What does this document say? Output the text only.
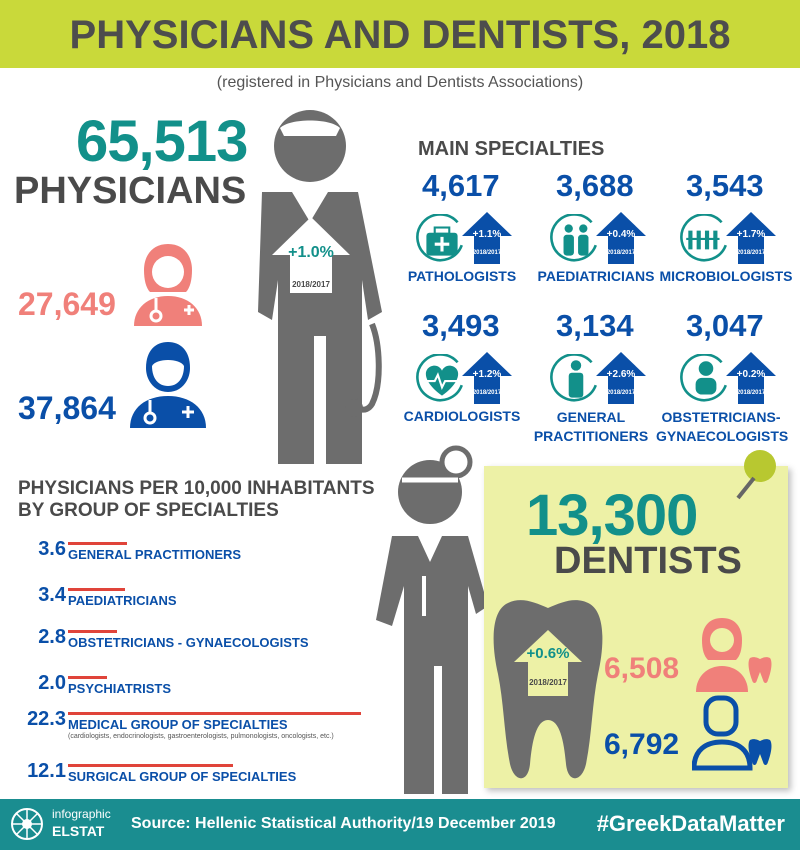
PHYSICIANS AND DENTISTS, 2018
(registered in Physicians and Dentists Associations)
65,513
PHYSICIANS
27,649
37,864
+1.0%
2018/2017
MAIN SPECIALTIES
4,617
+1.1%
2018/2017
PATHOLOGISTS
3,688
+0.4%
2018/2017
PAEDIATRICIANS
3,543
+1.7%
2018/2017
MICROBIOLOGISTS
3,493
+1.2%
2018/2017
CARDIOLOGISTS
3,134
+2.6%
2018/2017
GENERAL PRACTITIONERS
3,047
+0.2%
2018/2017
OBSTETRICIANS-GYNAECOLOGISTS
PHYSICIANS PER 10,000 INHABITANTS
BY GROUP OF SPECIALTIES
3.6 GENERAL PRACTITIONERS
3.4 PAEDIATRICIANS
2.8 OBSTETRICIANS - GYNAECOLOGISTS
2.0 PSYCHIATRISTS
22.3 MEDICAL GROUP OF SPECIALTIES
(cardiologists, endocrinologists, gastroenterologists, pulmonologists, oncologists, etc.)
12.1 SURGICAL GROUP OF SPECIALTIES
13,300
DENTISTS
+0.6%
2018/2017	6,508
6,792
infographic
ELSTAT Source: Hellenic Statistical Authority/19 December 2019 #GreekDataMatter
